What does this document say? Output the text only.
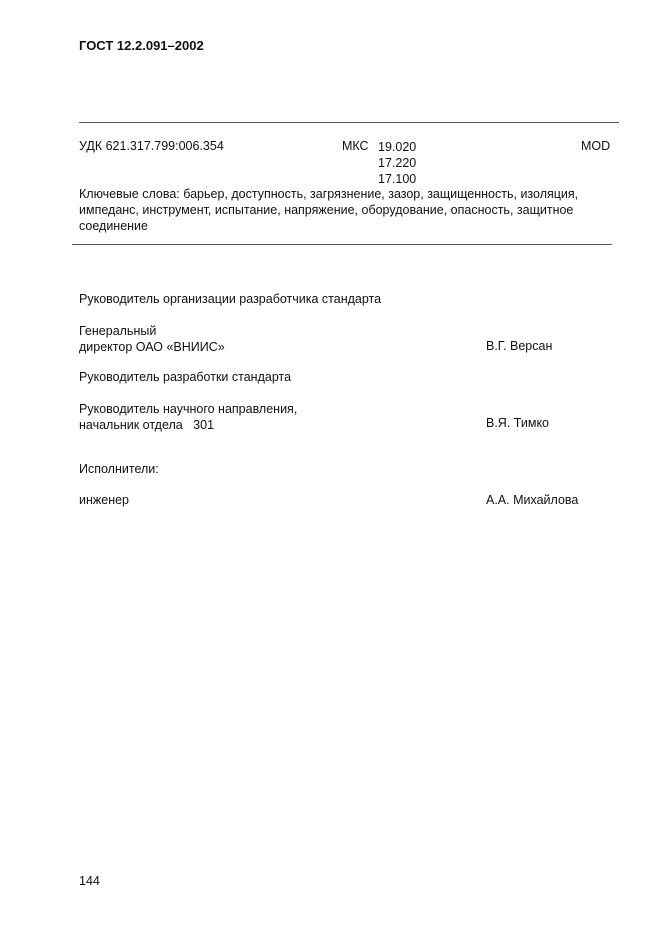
ГОСТ 12.2.091–2002
УДК 621.317.799:006.354	МКС 19.020
17.220
17.100
MOD
Ключевые слова: барьер, доступность, загрязнение, зазор, защищенность, изоляция, импеданс, инструмент, испытание, напряжение, оборудование, опасность, защитное соединение
Руководитель организации разработчика стандарта
Генеральный
директор ОАО «ВНИИС»	В.Г. Версан
Руководитель разработки стандарта
Руководитель научного направления,
начальник отдела   301	В.Я. Тимко
Исполнители:
инженер	А.А. Михайлова
144
